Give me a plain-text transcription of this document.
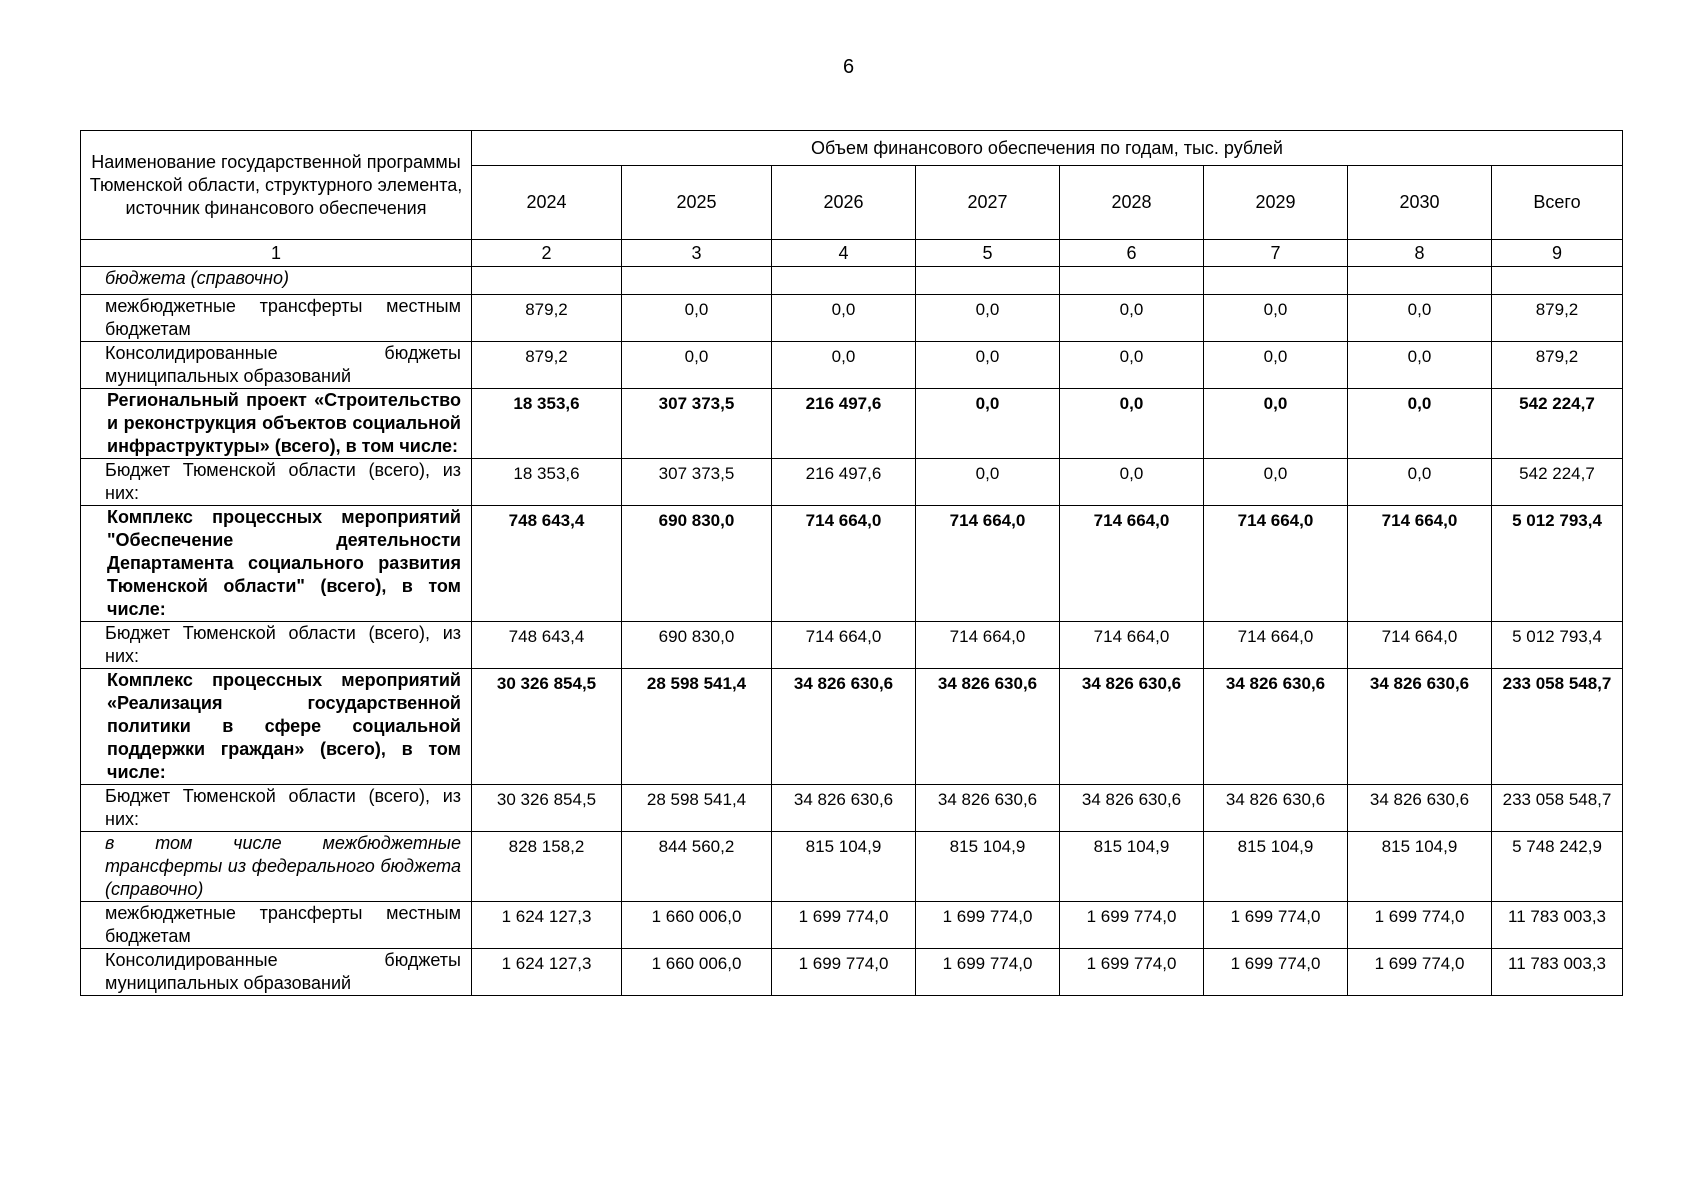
6
Наименование государственной программы Тюменской области, структурного элемента, источник финансового обеспечения	Объем финансового обеспечения по годам, тыс. рублей							
	2024	2025	2026	2027	2028	2029	2030	Всего
1	2	3	4	5	6	7	8	9
бюджета (справочно)								
межбюджетные трансферты местным бюджетам	879,2	0,0	0,0	0,0	0,0	0,0	0,0	879,2
Консолидированные бюджеты муниципальных образований	879,2	0,0	0,0	0,0	0,0	0,0	0,0	879,2
Региональный проект «Строительство и реконструкция объектов социальной инфраструктуры» (всего), в том числе:	18 353,6	307 373,5	216 497,6	0,0	0,0	0,0	0,0	542 224,7
Бюджет Тюменской области (всего), из них:	18 353,6	307 373,5	216 497,6	0,0	0,0	0,0	0,0	542 224,7
Комплекс процессных мероприятий "Обеспечение деятельности Департамента социального развития Тюменской области" (всего), в том числе:	748 643,4	690 830,0	714 664,0	714 664,0	714 664,0	714 664,0	714 664,0	5 012 793,4
Бюджет Тюменской области (всего), из них:	748 643,4	690 830,0	714 664,0	714 664,0	714 664,0	714 664,0	714 664,0	5 012 793,4
Комплекс процессных мероприятий «Реализация государственной политики в сфере социальной поддержки граждан» (всего), в том числе:	30 326 854,5	28 598 541,4	34 826 630,6	34 826 630,6	34 826 630,6	34 826 630,6	34 826 630,6	233 058 548,7
Бюджет Тюменской области (всего), из них:	30 326 854,5	28 598 541,4	34 826 630,6	34 826 630,6	34 826 630,6	34 826 630,6	34 826 630,6	233 058 548,7
в том числе межбюджетные трансферты из федерального бюджета (справочно)	828 158,2	844 560,2	815 104,9	815 104,9	815 104,9	815 104,9	815 104,9	5 748 242,9
межбюджетные трансферты местным бюджетам	1 624 127,3	1 660 006,0	1 699 774,0	1 699 774,0	1 699 774,0	1 699 774,0	1 699 774,0	11 783 003,3
Консолидированные бюджеты муниципальных образований	1 624 127,3	1 660 006,0	1 699 774,0	1 699 774,0	1 699 774,0	1 699 774,0	1 699 774,0	11 783 003,3
